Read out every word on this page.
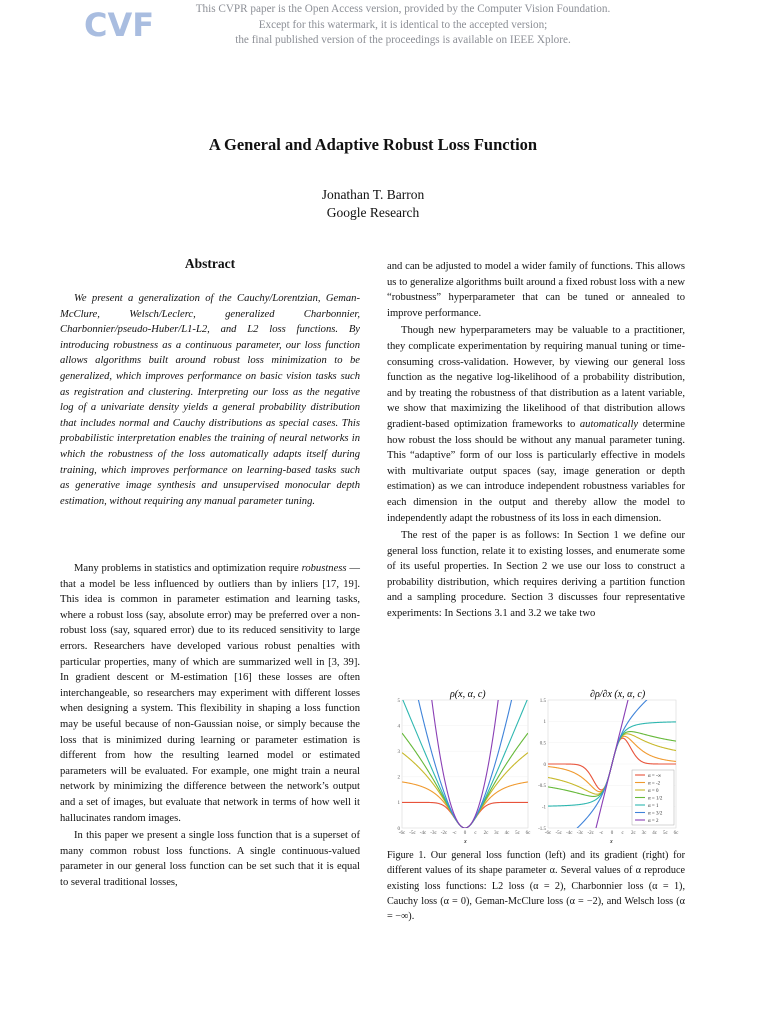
CVF	This CVPR paper is the Open Access version, provided by the Computer Vision Foundation.
Except for this watermark, it is identical to the accepted version;
the final published version of the proceedings is available on IEEE Xplore.
A General and Adaptive Robust Loss Function
Jonathan T. Barron
Google Research
Abstract

We present a generalization of the Cauchy/Lorentzian, Geman-McClure, Welsch/Leclerc, generalized Charbonnier, Charbonnier/pseudo-Huber/L1-L2, and L2 loss functions. By introducing robustness as a continuous parameter, our loss function allows algorithms built around robust loss minimization to be generalized, which improves performance on basic vision tasks such as registration and clustering. Interpreting our loss as the negative log of a univariate density yields a general probability distribution that includes normal and Cauchy distributions as special cases. This probabilistic interpretation enables the training of neural networks in which the robustness of the loss automatically adapts itself during training, which improves performance on learning-based tasks such as generative image synthesis and unsupervised monocular depth estimation, without requiring any manual parameter tuning.

Many problems in statistics and optimization require robustness — that a model be less influenced by outliers than by inliers [17, 19]. This idea is common in parameter estimation and learning tasks, where a robust loss (say, absolute error) may be preferred over a non-robust loss (say, squared error) due to its reduced sensitivity to large errors. Researchers have developed various robust penalties with particular properties, many of which are summarized well in [3, 39]. In gradient descent or M-estimation [16] these losses are often interchangeable, so researchers may experiment with different losses when designing a system. This flexibility in shaping a loss function may be useful because of non-Gaussian noise, or simply because the loss that is minimized during learning or parameter estimation is different from how the resulting learned model or estimated parameters will be evaluated. For example, one might train a neural network by minimizing the difference between the network’s output and a set of images, but evaluate that network in terms of how well it hallucinates random images.

In this paper we present a single loss function that is a superset of many common robust loss functions. A single continuous-valued parameter in our general loss function can be set such that it is equal to several traditional losses,

and can be adjusted to model a wider family of functions. This allows us to generalize algorithms built around a fixed robust loss with a new “robustness” hyperparameter that can be tuned or annealed to improve performance.

Though new hyperparameters may be valuable to a practitioner, they complicate experimentation by requiring manual tuning or time-consuming cross-validation. However, by viewing our general loss function as the negative log-likelihood of a probability distribution, and by treating the robustness of that distribution as a latent variable, we show that maximizing the likelihood of that distribution allows gradient-based optimization frameworks to automatically determine how robust the loss should be without any manual parameter tuning. This “adaptive” form of our loss is particularly effective in models with multivariate output spaces (say, image generation or depth estimation) as we can introduce independent robustness variables for each dimension in the output and thereby allow the model to independently adapt the robustness of its loss in each dimension.

The rest of the paper is as follows: In Section 1 we define our general loss function, relate it to existing losses, and enumerate some of its useful properties. In Section 2 we use our loss to construct a probability distribution, which requires deriving a partition function and a sampling procedure. Section 3 discusses four representative experiments: In Sections 3.1 and 3.2 we take two

ρ(x, α, c)	∂ρ/∂x (x, α, c)
-6c -5c -4c -3c -2c -c 0 c 2c 3c 4c 5c 6c
0
1
2
3
4
5
-6c -5c -4c -3c -2c -c 0 c 2c 3c 4c 5c 6c
-1.5
-1
-0.5
0
0.5
1
1.5
α = -∞
α = -2
α = 0
α = 1/2
α = 1
α = 3/2
α = 2
x	x
Figure 1. Our general loss function (left) and its gradient (right) for different values of its shape parameter α. Several values of α reproduce existing loss functions: L2 loss (α = 2), Charbonnier loss (α = 1), Cauchy loss (α = 0), Geman-McClure loss (α = −2), and Welsch loss (α = −∞).
